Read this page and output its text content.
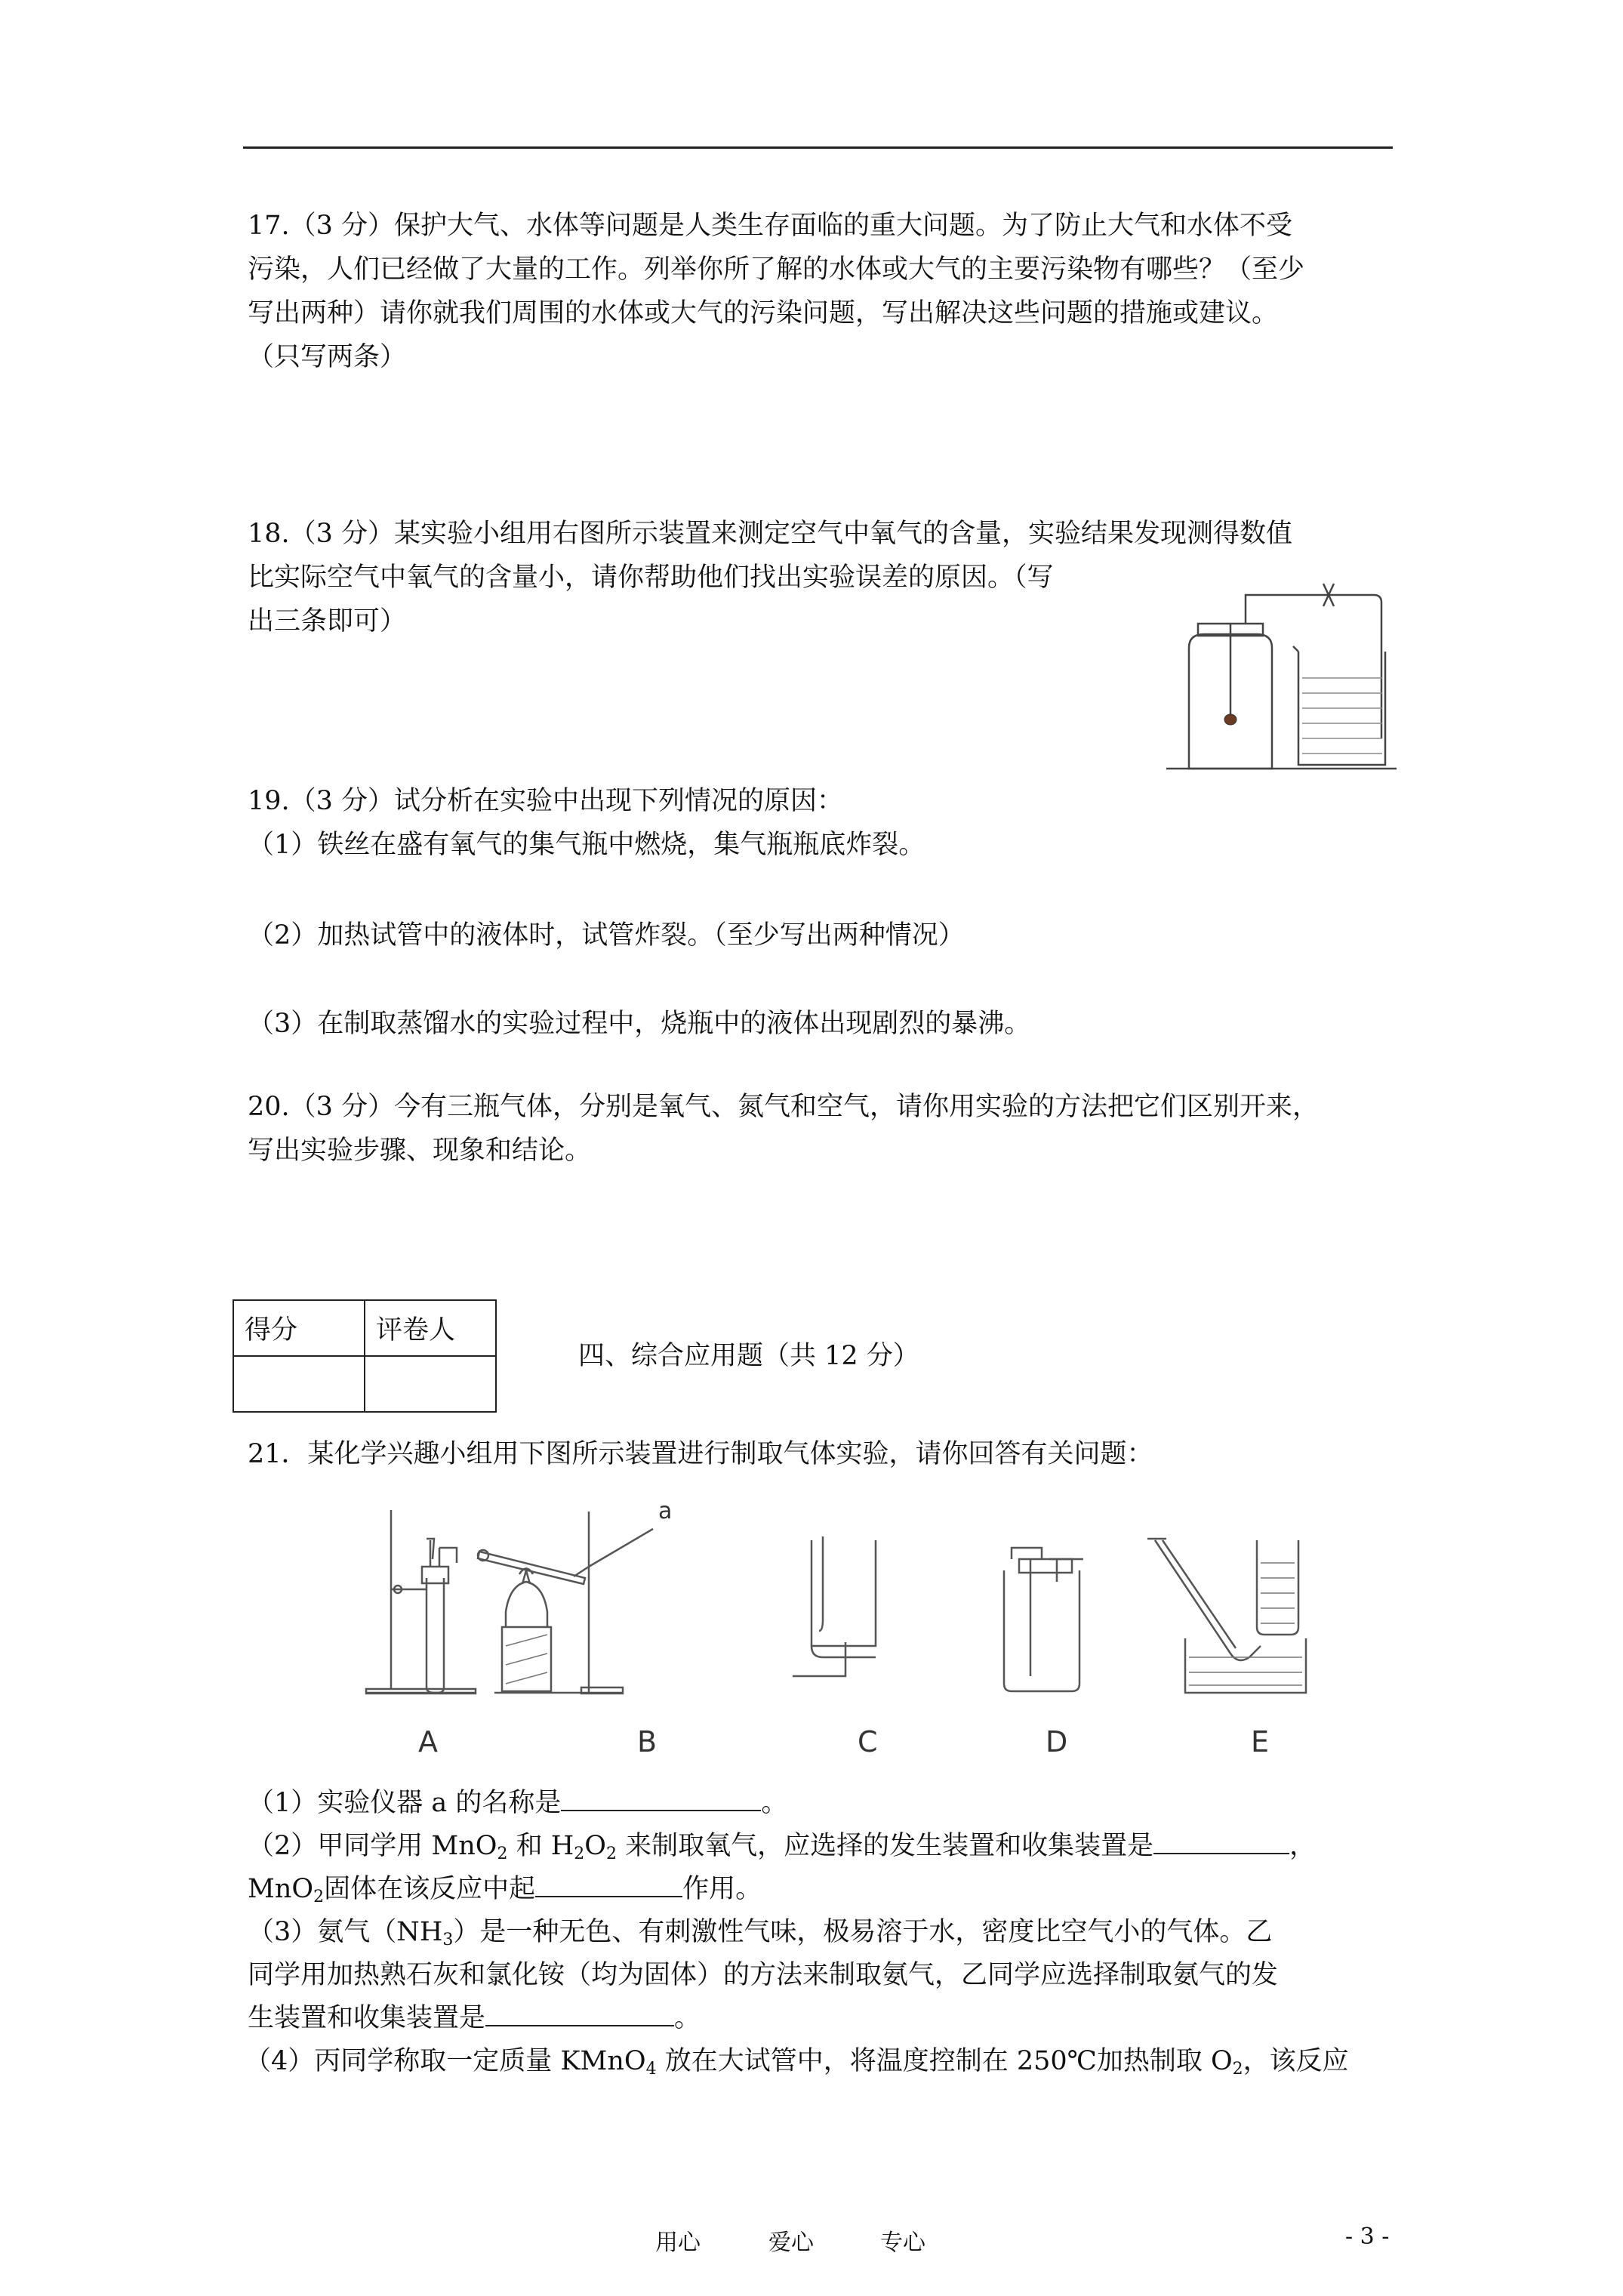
17.（3 分）保护大气、水体等问题是人类生存面临的重大问题。为了防止大气和水体不受
污染，人们已经做了大量的工作。列举你所了解的水体或大气的主要污染物有哪些？（至少
写出两种）请你就我们周围的水体或大气的污染问题，写出解决这些问题的措施或建议。
（只写两条）
18.（3 分）某实验小组用右图所示装置来测定空气中氧气的含量，实验结果发现测得数值
比实际空气中氧气的含量小，请你帮助他们找出实验误差的原因。（写
出三条即可）
19.（3 分）试分析在实验中出现下列情况的原因：
（1）铁丝在盛有氧气的集气瓶中燃烧，集气瓶瓶底炸裂。
（2）加热试管中的液体时，试管炸裂。（至少写出两种情况）
（3）在制取蒸馏水的实验过程中，烧瓶中的液体出现剧烈的暴沸。
20.（3 分）今有三瓶气体，分别是氧气、氮气和空气，请你用实验的方法把它们区别开来，
写出实验步骤、现象和结论。
得分	评卷人

四、综合应用题（共 12 分）
21．某化学兴趣小组用下图所示装置进行制取气体实验，请你回答有关问题：
a
A	B	C	D	E
（1）实验仪器 a 的名称是	。
（2）甲同学用 MnO$_2$ 和 $H_2O_2$ 来制取氧气，应选择的发生装置和收集装置是	，
MnO$_2$固体在该反应中起	作用。
（3）氨气$(NH_3)$是一种无色、有刺激性气味，极易溶于水，密度比空气小的气体。乙
同学用加热熟石灰和氯化铵（均为固体）的方法来制取氨气，乙同学应选择制取氨气的发
生装置和收集装置是	。
（4）丙同学称取一定质量 KMnO$_4$ 放在大试管中，将温度控制在 250℃加热制取 $O_2$，该反应
用心	爱心	专心	- 3 -
